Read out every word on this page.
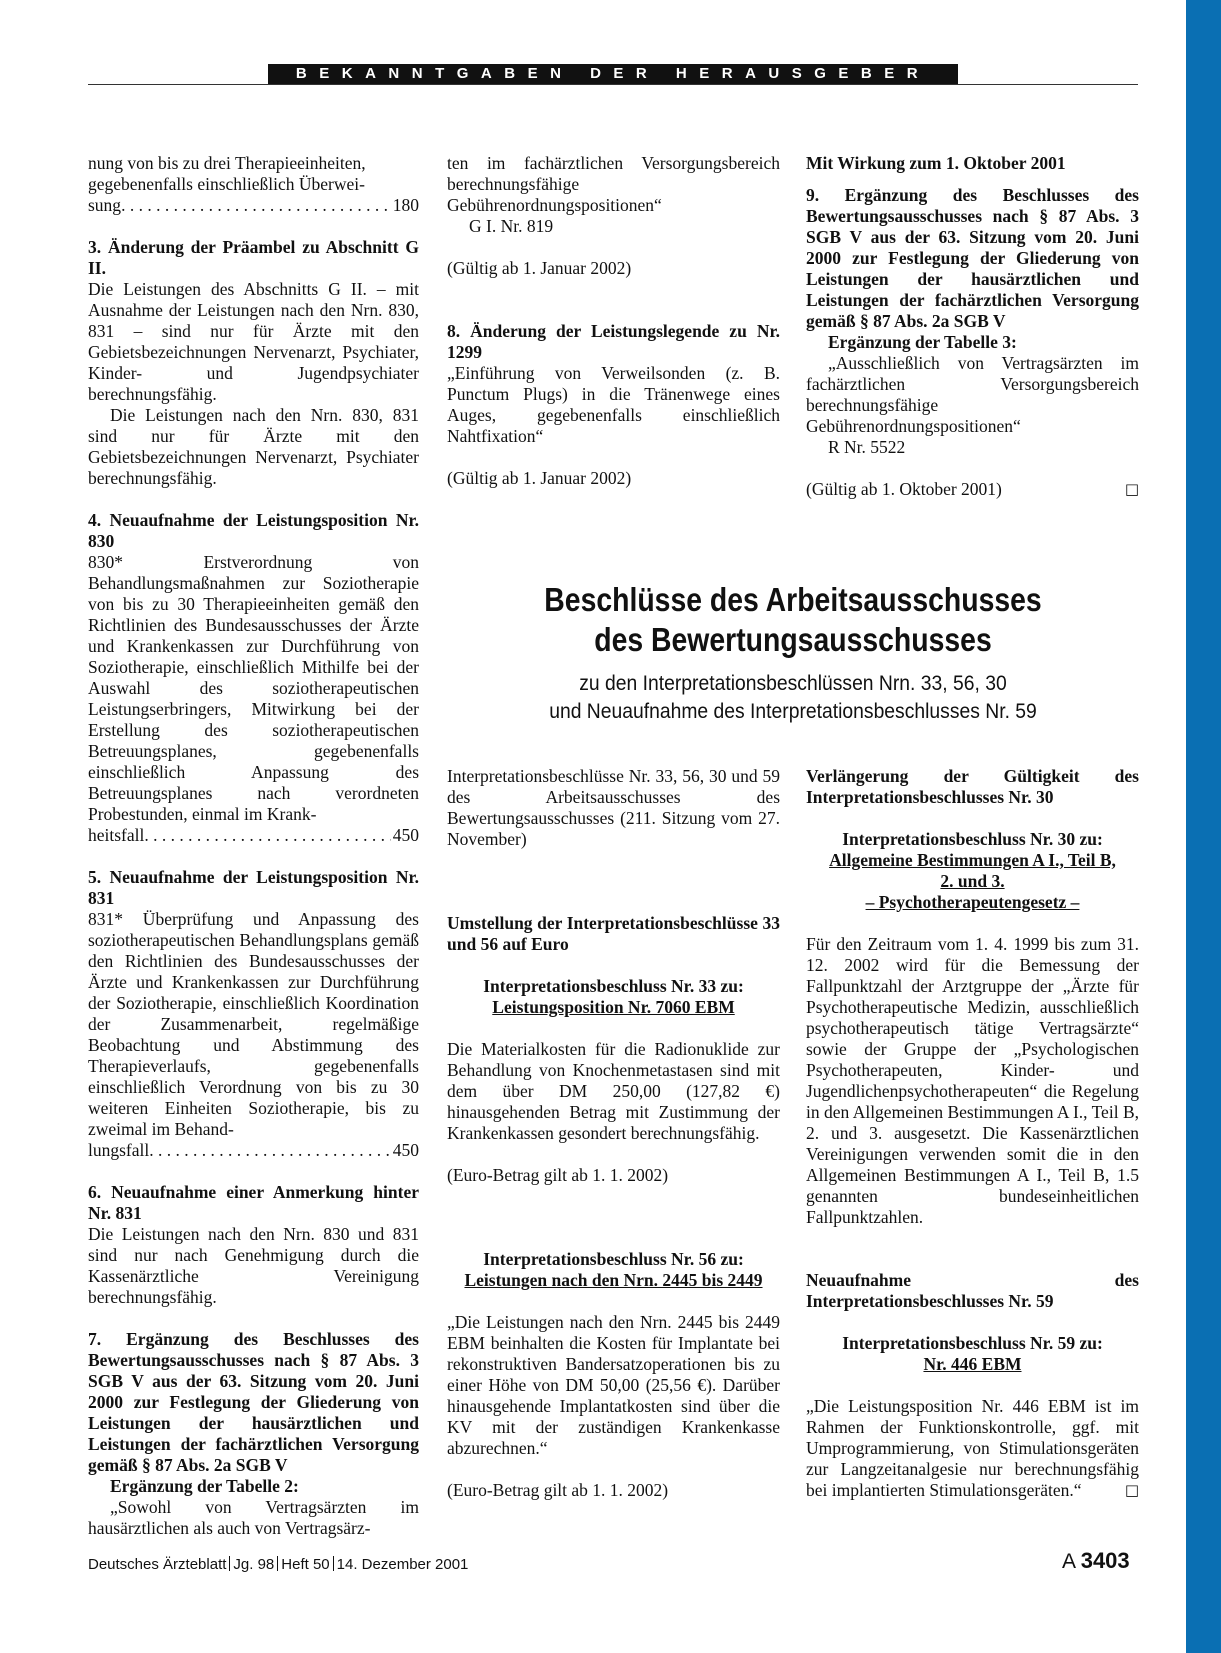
BEKANNTGABEN DER HERAUSGEBER

nung von bis zu drei Therapieeinheiten,

gegebenenfalls einschließlich Überwei-

sung . . .	180

3. Änderung der Präambel zu Abschnitt G II.

Die Leistungen des Abschnitts G II. – mit Ausnahme der Leistungen nach den Nrn. 830, 831 – sind nur für Ärzte mit den Gebietsbezeichnungen Nervenarzt, Psychiater, Kinder- und Jugendpsychiater berechnungsfähig.

Die Leistungen nach den Nrn. 830, 831 sind nur für Ärzte mit den Gebietsbezeichnungen Nervenarzt, Psychiater berechnungsfähig.

4. Neuaufnahme der Leistungsposition Nr. 830

830* Erstverordnung von Behandlungsmaßnahmen zur Soziotherapie von bis zu 30 Therapieeinheiten gemäß den Richtlinien des Bundesausschusses der Ärzte und Krankenkassen zur Durchführung von Soziotherapie, einschließlich Mithilfe bei der Auswahl des soziotherapeutischen Leistungserbringers, Mitwirkung bei der Erstellung des soziotherapeutischen Betreuungsplanes, gegebenenfalls einschließlich Anpassung des Betreuungsplanes nach verordneten Probestunden, einmal im Krank-

heitsfall . . .	450

5. Neuaufnahme der Leistungsposition Nr. 831

831* Überprüfung und Anpassung des soziotherapeutischen Behandlungsplans gemäß den Richtlinien des Bundesausschusses der Ärzte und Krankenkassen zur Durchführung der Soziotherapie, einschließlich Koordination der Zusammenarbeit, regelmäßige Beobachtung und Abstimmung des Therapieverlaufs, gegebenenfalls einschließlich Verordnung von bis zu 30 weiteren Einheiten Soziotherapie, bis zu zweimal im Behand-

lungsfall . . .	450

6. Neuaufnahme einer Anmerkung hinter Nr. 831

Die Leistungen nach den Nrn. 830 und 831 sind nur nach Genehmigung durch die Kassenärztliche Vereinigung berechnungsfähig.

7. Ergänzung des Beschlusses des Bewertungsausschusses nach § 87 Abs. 3 SGB V aus der 63. Sitzung vom 20. Juni 2000 zur Festlegung der Gliederung von Leistungen der hausärztlichen und Leistungen der fachärztlichen Versorgung gemäß § 87 Abs. 2a SGB V

Ergänzung der Tabelle 2:

„Sowohl von Vertragsärzten im hausärztlichen als auch von Vertragsärz-

ten im fachärztlichen Versorgungsbereich berechnungsfähige Gebührenordnungspositionen“

G I. Nr. 819

(Gültig ab 1. Januar 2002)

8. Änderung der Leistungslegende zu Nr. 1299

„Einführung von Verweilsonden (z. B. Punctum Plugs) in die Tränenwege eines Auges, gegebenenfalls einschließlich Nahtfixation“

(Gültig ab 1. Januar 2002)

Mit Wirkung zum 1. Oktober 2001

9. Ergänzung des Beschlusses des Bewertungsausschusses nach § 87 Abs. 3 SGB V aus der 63. Sitzung vom 20. Juni 2000 zur Festlegung der Gliederung von Leistungen der hausärztlichen und Leistungen der fachärztlichen Versorgung gemäß § 87 Abs. 2a SGB V

Ergänzung der Tabelle 3:

„Ausschließlich von Vertragsärzten im fachärztlichen Versorgungsbereich berechnungsfähige Gebührenordnungspositionen“

R Nr. 5522

(Gültig ab 1. Oktober 2001)	□

Beschlüsse des Arbeitsausschusses
des Bewertungsausschusses
zu den Interpretationsbeschlüssen Nrn. 33, 56, 30
und Neuaufnahme des Interpretationsbeschlusses Nr. 59

Interpretationsbeschlüsse Nr. 33, 56, 30 und 59 des Arbeitsausschusses des Bewertungsausschusses (211. Sitzung vom 27. November)

Umstellung der Interpretationsbeschlüsse 33 und 56 auf Euro

Interpretationsbeschluss Nr. 33 zu:

Leistungsposition Nr. 7060 EBM

Die Materialkosten für die Radionuklide zur Behandlung von Knochenmetastasen sind mit dem über DM 250,00 (127,82 €) hinausgehenden Betrag mit Zustimmung der Krankenkassen gesondert berechnungsfähig.

(Euro-Betrag gilt ab 1. 1. 2002)

Interpretationsbeschluss Nr. 56 zu:

Leistungen nach den Nrn. 2445 bis 2449

„Die Leistungen nach den Nrn. 2445 bis 2449 EBM beinhalten die Kosten für Implantate bei rekonstruktiven Bandersatzoperationen bis zu einer Höhe von DM 50,00 (25,56 €). Darüber hinausgehende Implantatkosten sind über die KV mit der zuständigen Krankenkasse abzurechnen.“

(Euro-Betrag gilt ab 1. 1. 2002)

Verlängerung der Gültigkeit des Interpretationsbeschlusses Nr. 30

Interpretationsbeschluss Nr. 30 zu:

Allgemeine Bestimmungen A I., Teil B,

2. und 3.

– Psychotherapeutengesetz –

Für den Zeitraum vom 1. 4. 1999 bis zum 31. 12. 2002 wird für die Bemessung der Fallpunktzahl der Arztgruppe der „Ärzte für Psychotherapeutische Medizin, ausschließlich psychotherapeutisch tätige Vertragsärzte“ sowie der Gruppe der „Psychologischen Psychotherapeuten, Kinder- und Jugendlichenpsychotherapeuten“ die Regelung in den Allgemeinen Bestimmungen A I., Teil B, 2. und 3. ausgesetzt. Die Kassenärztlichen Vereinigungen verwenden somit die in den Allgemeinen Bestimmungen A I., Teil B, 1.5 genannten bundeseinheitlichen Fallpunktzahlen.

Neuaufnahme des Interpretationsbeschlusses Nr. 59

Interpretationsbeschluss Nr. 59 zu:

Nr. 446 EBM

„Die Leistungsposition Nr. 446 EBM ist im Rahmen der Funktionskontrolle, ggf. mit Umprogrammierung, von Stimulationsgeräten zur Langzeitanalgesie nur berechnungsfähig bei implantierten Stimulationsgeräten.“	□

Deutsches Ärzteblatt Jg. 98 Heft 50 14. Dezember 2001	A 3403
